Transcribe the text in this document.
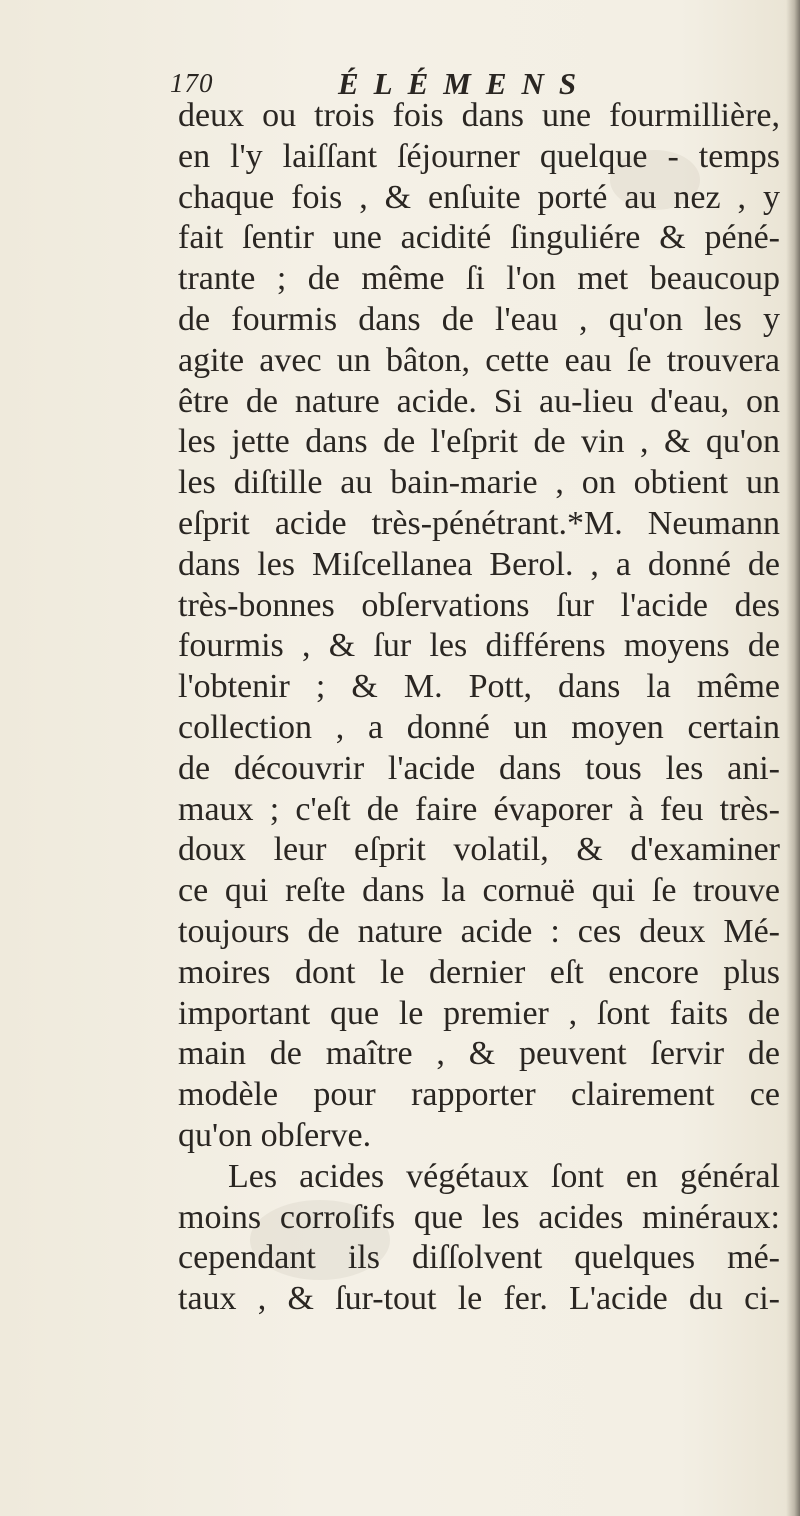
170	ÉLÉMENS
deux ou trois fois dans une fourmillière,
en l'y laiſſant ſéjourner quelque - temps
chaque fois , & enſuite porté au nez , y
fait ſentir une acidité ſinguliére & péné-
trante ; de même ſi l'on met beaucoup
de fourmis dans de l'eau , qu'on les y
agite avec un bâton, cette eau ſe trouvera
être de nature acide. Si au-lieu d'eau, on
les jette dans de l'eſprit de vin , & qu'on
les diſtille au bain-marie , on obtient un
eſprit acide très-pénétrant.*M. Neumann
dans les Miſcellanea Berol. , a donné de
très-bonnes obſervations ſur l'acide des
fourmis , & ſur les différens moyens de
l'obtenir ; & M. Pott, dans la même
collection , a donné un moyen certain
de découvrir l'acide dans tous les ani-
maux ; c'eſt de faire évaporer à feu très-
doux leur eſprit volatil, & d'examiner
ce qui reſte dans la cornuë qui ſe trouve
toujours de nature acide : ces deux Mé-
moires dont le dernier eſt encore plus
important que le premier , ſont faits de
main de maître , & peuvent ſervir de
modèle pour rapporter clairement ce
qu'on obſerve.
Les acides végétaux ſont en général
moins corroſifs que les acides minéraux:
cependant ils diſſolvent quelques mé-
taux , & ſur-tout le fer. L'acide du ci-
